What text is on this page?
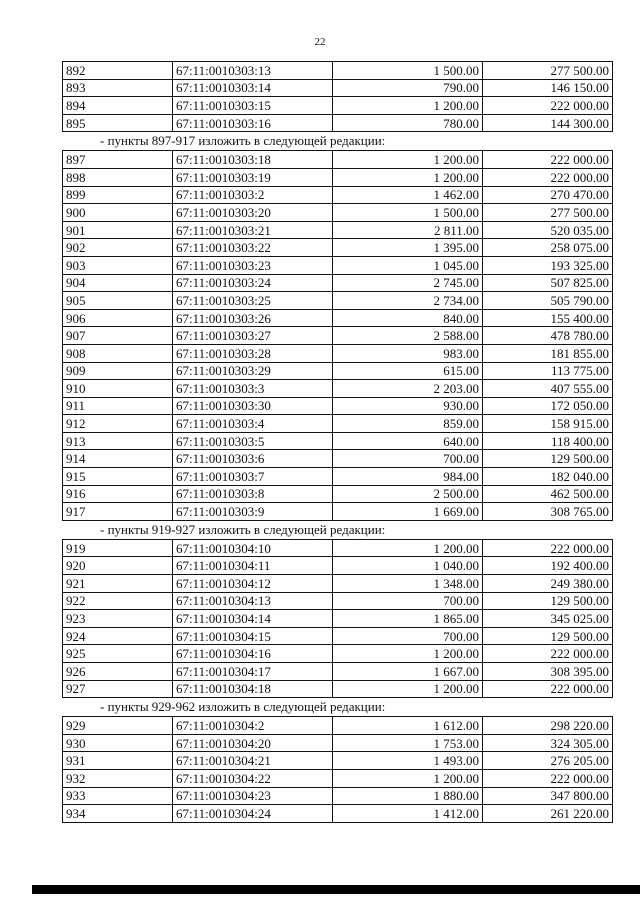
22
892	67:11:0010303:13	1 500.00	277 500.00
893	67:11:0010303:14	790.00	146 150.00
894	67:11:0010303:15	1 200.00	222 000.00
895	67:11:0010303:16	780.00	144 300.00
- пункты 897-917 изложить в следующей редакции:
897	67:11:0010303:18	1 200.00	222 000.00
898	67:11:0010303:19	1 200.00	222 000.00
899	67:11:0010303:2	1 462.00	270 470.00
900	67:11:0010303:20	1 500.00	277 500.00
901	67:11:0010303:21	2 811.00	520 035.00
902	67:11:0010303:22	1 395.00	258 075.00
903	67:11:0010303:23	1 045.00	193 325.00
904	67:11:0010303:24	2 745.00	507 825.00
905	67:11:0010303:25	2 734.00	505 790.00
906	67:11:0010303:26	840.00	155 400.00
907	67:11:0010303:27	2 588.00	478 780.00
908	67:11:0010303:28	983.00	181 855.00
909	67:11:0010303:29	615.00	113 775.00
910	67:11:0010303:3	2 203.00	407 555.00
911	67:11:0010303:30	930.00	172 050.00
912	67:11:0010303:4	859.00	158 915.00
913	67:11:0010303:5	640.00	118 400.00
914	67:11:0010303:6	700.00	129 500.00
915	67:11:0010303:7	984.00	182 040.00
916	67:11:0010303:8	2 500.00	462 500.00
917	67:11:0010303:9	1 669.00	308 765.00
- пункты 919-927 изложить в следующей редакции:
919	67:11:0010304:10	1 200.00	222 000.00
920	67:11:0010304:11	1 040.00	192 400.00
921	67:11:0010304:12	1 348.00	249 380.00
922	67:11:0010304:13	700.00	129 500.00
923	67:11:0010304:14	1 865.00	345 025.00
924	67:11:0010304:15	700.00	129 500.00
925	67:11:0010304:16	1 200.00	222 000.00
926	67:11:0010304:17	1 667.00	308 395.00
927	67:11:0010304:18	1 200.00	222 000.00
- пункты 929-962 изложить в следующей редакции:
929	67:11:0010304:2	1 612.00	298 220.00
930	67:11:0010304:20	1 753.00	324 305.00
931	67:11:0010304:21	1 493.00	276 205.00
932	67:11:0010304:22	1 200.00	222 000.00
933	67:11:0010304:23	1 880.00	347 800.00
934	67:11:0010304:24	1 412.00	261 220.00
